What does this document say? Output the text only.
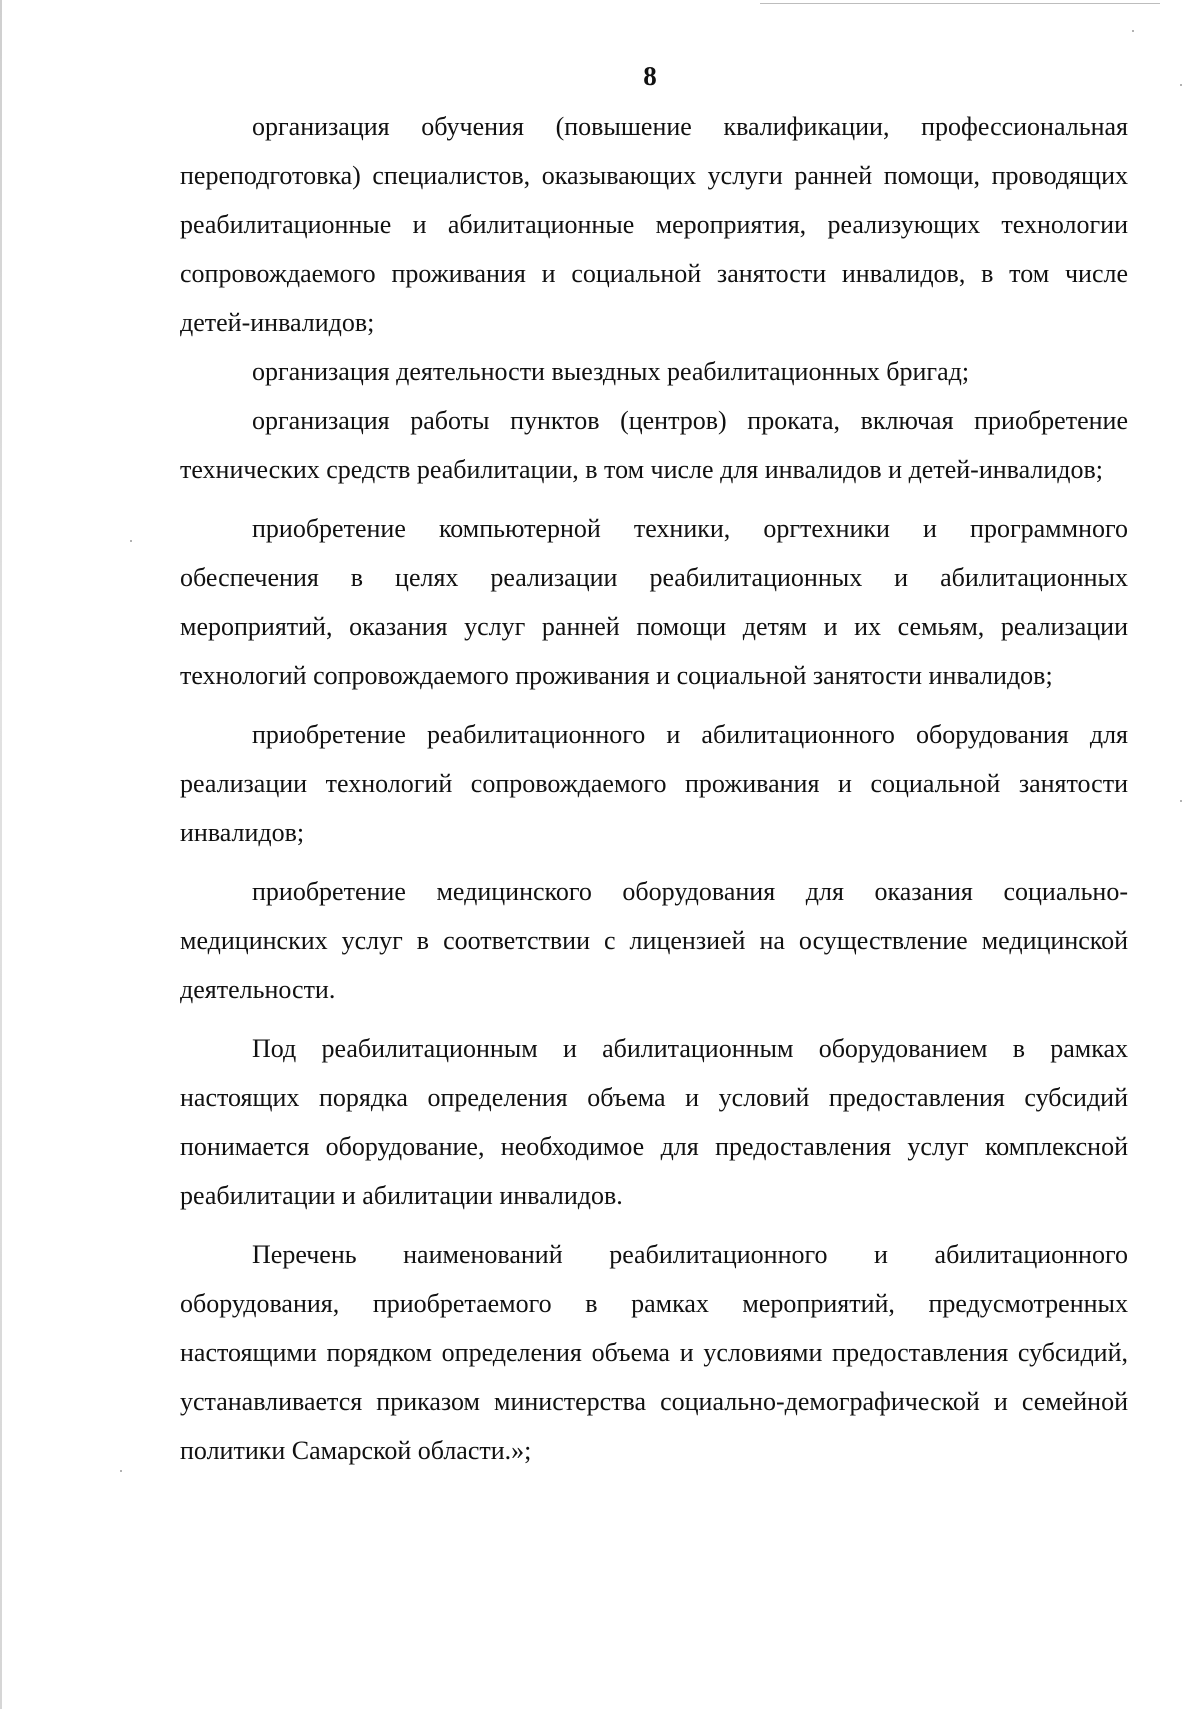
8

организация обучения (повышение квалификации, профессиональная переподготовка) специалистов, оказывающих услуги ранней помощи, проводящих реабилитационные и абилитационные мероприятия, реализующих технологии сопровождаемого проживания и социальной занятости инвалидов, в том числе детей-инвалидов;

организация деятельности выездных реабилитационных бригад;

организация работы пунктов (центров) проката, включая приобретение технических средств реабилитации, в том числе для инвалидов и детей-инвалидов;

приобретение компьютерной техники, оргтехники и программного обеспечения в целях реализации реабилитационных и абилитационных мероприятий, оказания услуг ранней помощи детям и их семьям, реализации технологий сопровождаемого проживания и социальной занятости инвалидов;

приобретение реабилитационного и абилитационного оборудования для реализации технологий сопровождаемого проживания и социальной занятости инвалидов;

приобретение медицинского оборудования для оказания социально-медицинских услуг в соответствии с лицензией на осуществление медицинской деятельности.

Под реабилитационным и абилитационным оборудованием в рамках настоящих порядка определения объема и условий предоставления субсидий понимается оборудование, необходимое для предоставления услуг комплексной реабилитации и абилитации инвалидов.

Перечень наименований реабилитационного и абилитационного оборудования, приобретаемого в рамках мероприятий, предусмотренных настоящими порядком определения объема и условиями предоставления субсидий, устанавливается приказом министерства социально-демографической и семейной политики Самарской области.»;
